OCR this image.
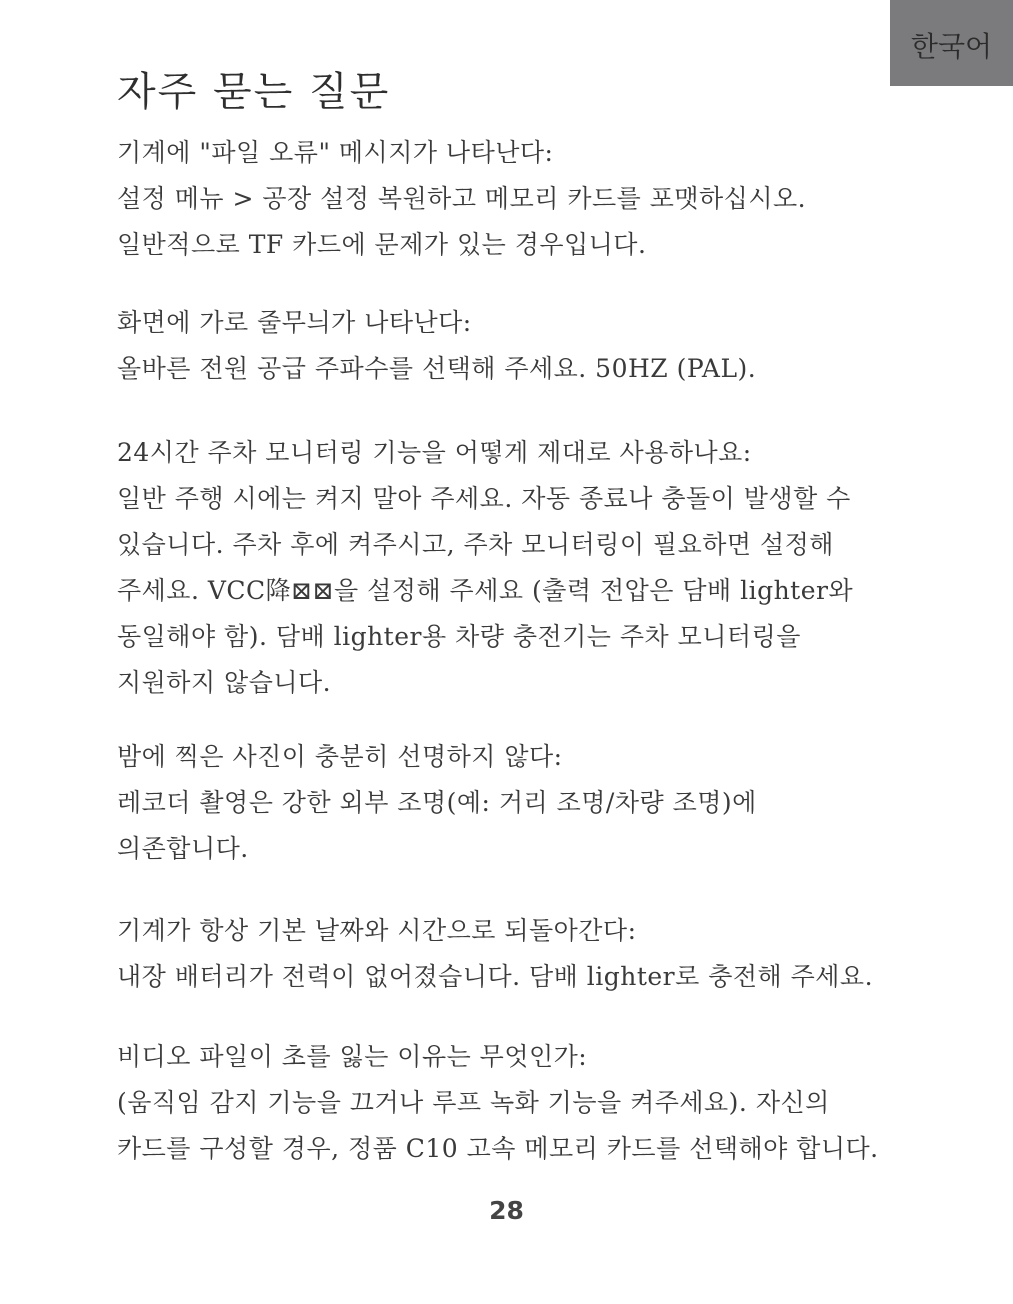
한국어
자주 묻는 질문
기계에 "파일 오류" 메시지가 나타난다:
설정 메뉴 > 공장 설정 복원하고 메모리 카드를 포맷하십시오.
일반적으로 TF 카드에 문제가 있는 경우입니다.
화면에 가로 줄무늬가 나타난다:
올바른 전원 공급 주파수를 선택해 주세요. 50HZ (PAL).
24시간 주차 모니터링 기능을 어떻게 제대로 사용하나요:
일반 주행 시에는 켜지 말아 주세요. 자동 종료나 충돌이 발생할 수
있습니다. 주차 후에 켜주시고, 주차 모니터링이 필요하면 설정해
주세요. VCC降⊠⊠을 설정해 주세요 (출력 전압은 담배 lighter와
동일해야 함). 담배 lighter용 차량 충전기는 주차 모니터링을
지원하지 않습니다.
밤에 찍은 사진이 충분히 선명하지 않다:
레코더 촬영은 강한 외부 조명(예: 거리 조명/차량 조명)에
의존합니다.
기계가 항상 기본 날짜와 시간으로 되돌아간다:
내장 배터리가 전력이 없어졌습니다. 담배 lighter로 충전해 주세요.
비디오 파일이 초를 잃는 이유는 무엇인가:
(움직임 감지 기능을 끄거나 루프 녹화 기능을 켜주세요). 자신의
카드를 구성할 경우, 정품 C10 고속 메모리 카드를 선택해야 합니다.
28
